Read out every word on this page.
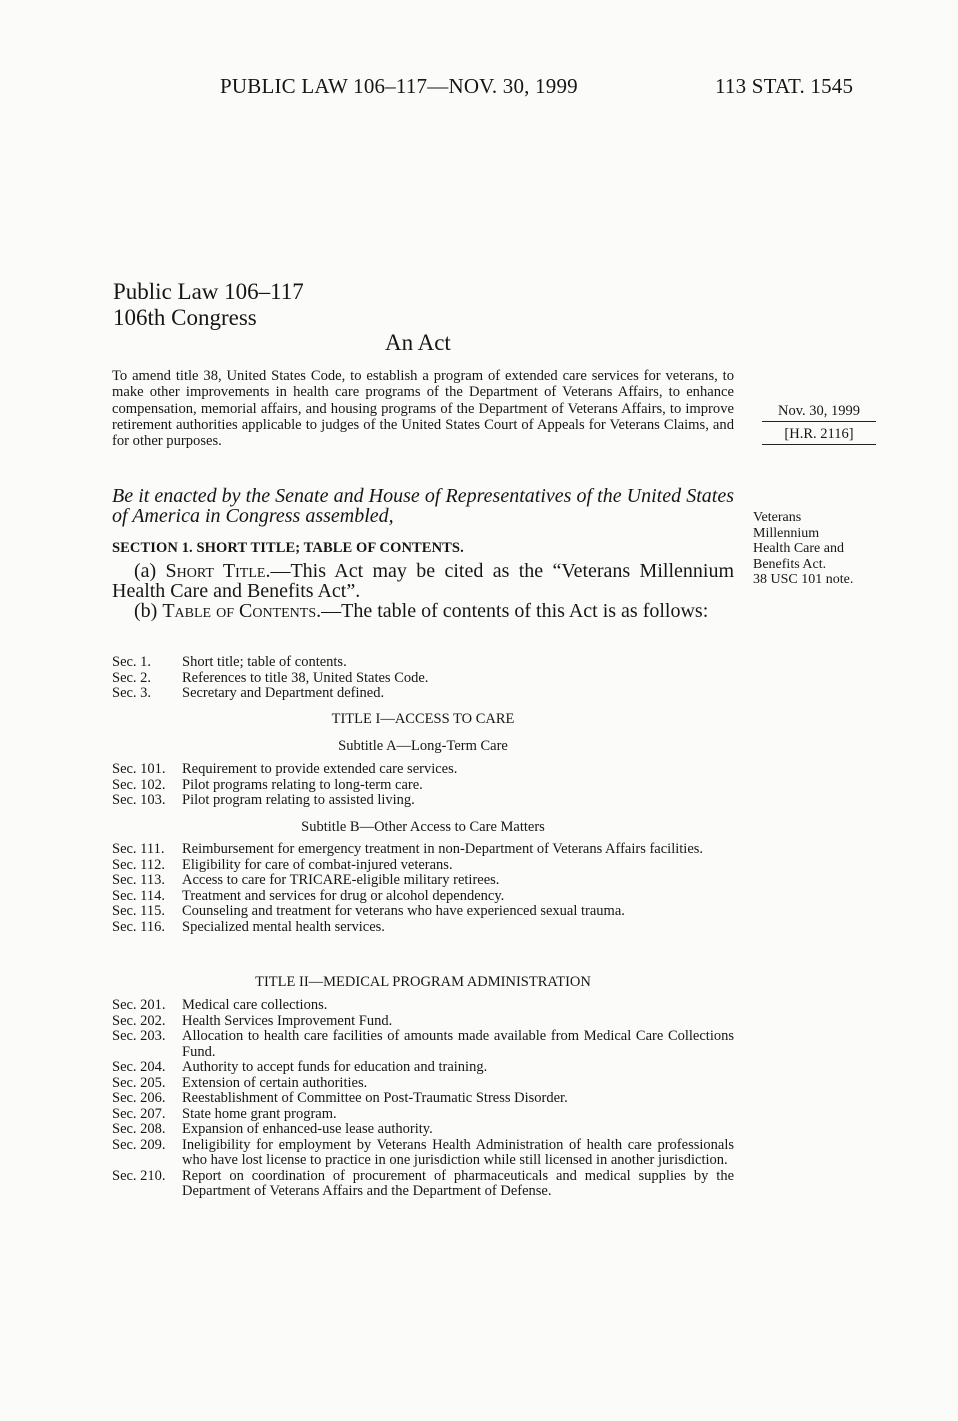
PUBLIC LAW 106–117—NOV. 30, 1999	113 STAT. 1545
Public Law 106–117
106th Congress
An Act
To amend title 38, United States Code, to establish a program of extended care services for veterans, to make other improvements in health care programs of the Department of Veterans Affairs, to enhance compensation, memorial affairs, and housing programs of the Department of Veterans Affairs, to improve retirement authorities applicable to judges of the United States Court of Appeals for Veterans Claims, and for other purposes.
Nov. 30, 1999
[H.R. 2116]
Be it enacted by the Senate and House of Representatives of the United States of America in Congress assembled,	Veterans
Millennium
Health Care and
Benefits Act.
38 USC 101 note.
SECTION 1. SHORT TITLE; TABLE OF CONTENTS.
(a) Short Title.—This Act may be cited as the “Veterans Millennium Health Care and Benefits Act”.
(b) Table of Contents.—The table of contents of this Act is as follows:
Sec. 1. Short title; table of contents.
Sec. 2. References to title 38, United States Code.
Sec. 3. Secretary and Department defined.
TITLE I—ACCESS TO CARE
Subtitle A—Long-Term Care
Sec. 101. Requirement to provide extended care services.
Sec. 102. Pilot programs relating to long-term care.
Sec. 103. Pilot program relating to assisted living.
Subtitle B—Other Access to Care Matters
Sec. 111. Reimbursement for emergency treatment in non-Department of Veterans Affairs facilities.
Sec. 112. Eligibility for care of combat-injured veterans.
Sec. 113. Access to care for TRICARE-eligible military retirees.
Sec. 114. Treatment and services for drug or alcohol dependency.
Sec. 115. Counseling and treatment for veterans who have experienced sexual trauma.
Sec. 116. Specialized mental health services.
TITLE II—MEDICAL PROGRAM ADMINISTRATION
Sec. 201. Medical care collections.
Sec. 202. Health Services Improvement Fund.
Sec. 203. Allocation to health care facilities of amounts made available from Medical Care Collections Fund.
Sec. 204. Authority to accept funds for education and training.
Sec. 205. Extension of certain authorities.
Sec. 206. Reestablishment of Committee on Post-Traumatic Stress Disorder.
Sec. 207. State home grant program.
Sec. 208. Expansion of enhanced-use lease authority.
Sec. 209. Ineligibility for employment by Veterans Health Administration of health care professionals who have lost license to practice in one jurisdiction while still licensed in another jurisdiction.
Sec. 210. Report on coordination of procurement of pharmaceuticals and medical supplies by the Department of Veterans Affairs and the Department of Defense.
